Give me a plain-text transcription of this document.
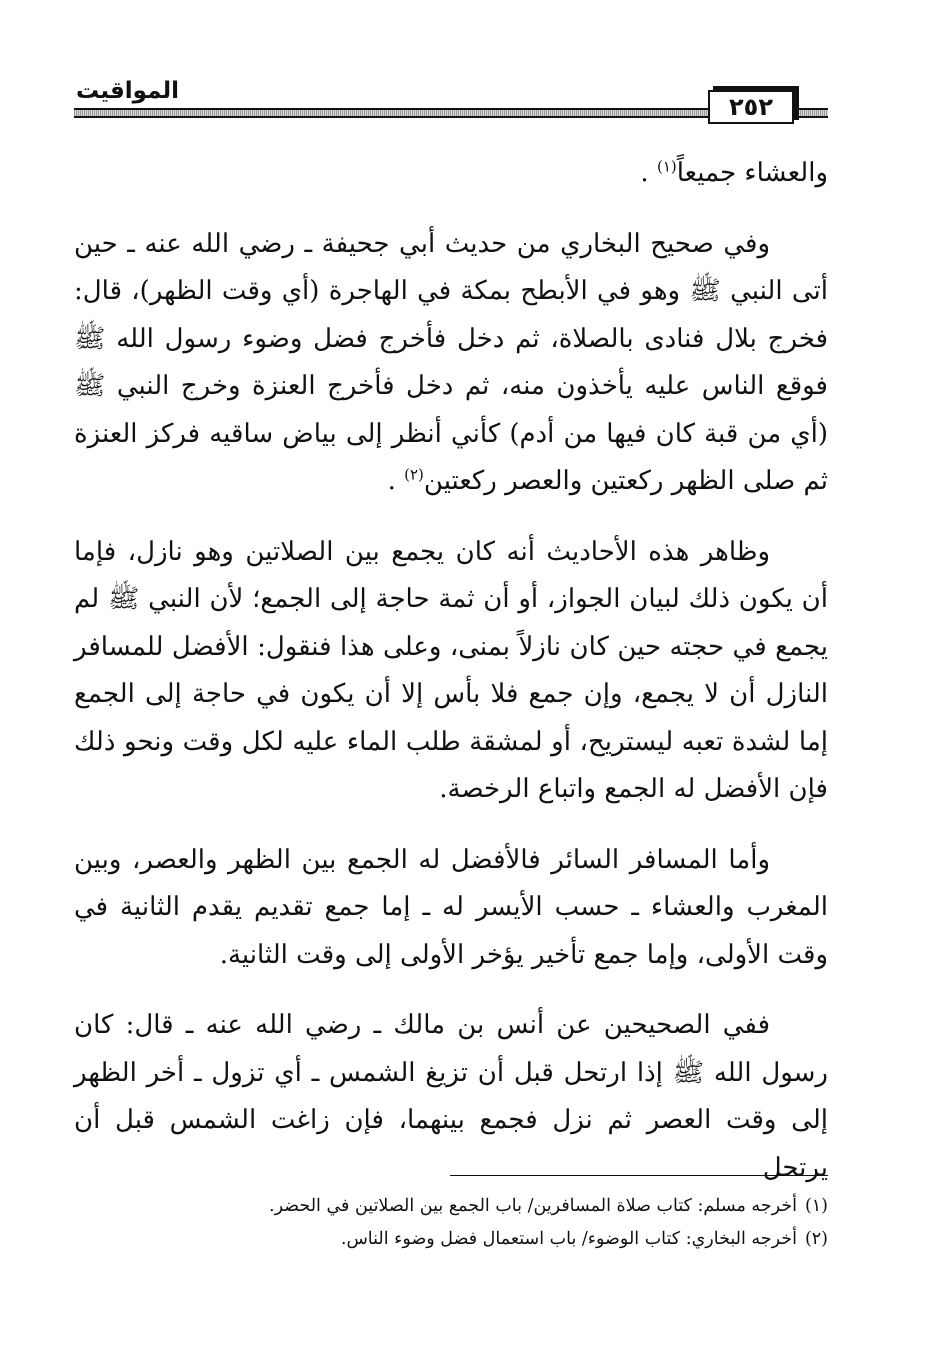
٢٥٢
المواقيت

والعشاء جميعاً$^{(١)}$ .

وفي صحيح البخاري من حديث أبي جحيفة ـ رضي الله عنه ـ حين أتى النبي ﷺ وهو في الأبطح بمكة في الهاجرة (أي وقت الظهر)، قال: فخرج بلال فنادى بالصلاة، ثم دخل فأخرج فضل وضوء رسول الله ﷺ فوقع الناس عليه يأخذون منه، ثم دخل فأخرج العنزة وخرج النبي ﷺ (أي من قبة كان فيها من أدم) كأني أنظر إلى بياض ساقيه فركز العنزة ثم صلى الظهر ركعتين والعصر ركعتين$^{(٢)}$ .

وظاهر هذه الأحاديث أنه كان يجمع بين الصلاتين وهو نازل، فإما أن يكون ذلك لبيان الجواز، أو أن ثمة حاجة إلى الجمع؛ لأن النبي ﷺ لم يجمع في حجته حين كان نازلاً بمنى، وعلى هذا فنقول: الأفضل للمسافر النازل أن لا يجمع، وإن جمع فلا بأس إلا أن يكون في حاجة إلى الجمع إما لشدة تعبه ليستريح، أو لمشقة طلب الماء عليه لكل وقت ونحو ذلك فإن الأفضل له الجمع واتباع الرخصة.

وأما المسافر السائر فالأفضل له الجمع بين الظهر والعصر، وبين المغرب والعشاء ـ حسب الأيسر له ـ إما جمع تقديم يقدم الثانية في وقت الأولى، وإما جمع تأخير يؤخر الأولى إلى وقت الثانية.

ففي الصحيحين عن أنس بن مالك ـ رضي الله عنه ـ قال: كان رسول الله ﷺ إذا ارتحل قبل أن تزيغ الشمس ـ أي تزول ـ أخر الظهر إلى وقت العصر ثم نزل فجمع بينهما، فإن زاغت الشمس قبل أن يرتحل

(١)أخرجه مسلم: كتاب صلاة المسافرين/ باب الجمع بين الصلاتين في الحضر.

(٢)أخرجه البخاري: كتاب الوضوء/ باب استعمال فضل وضوء الناس.
